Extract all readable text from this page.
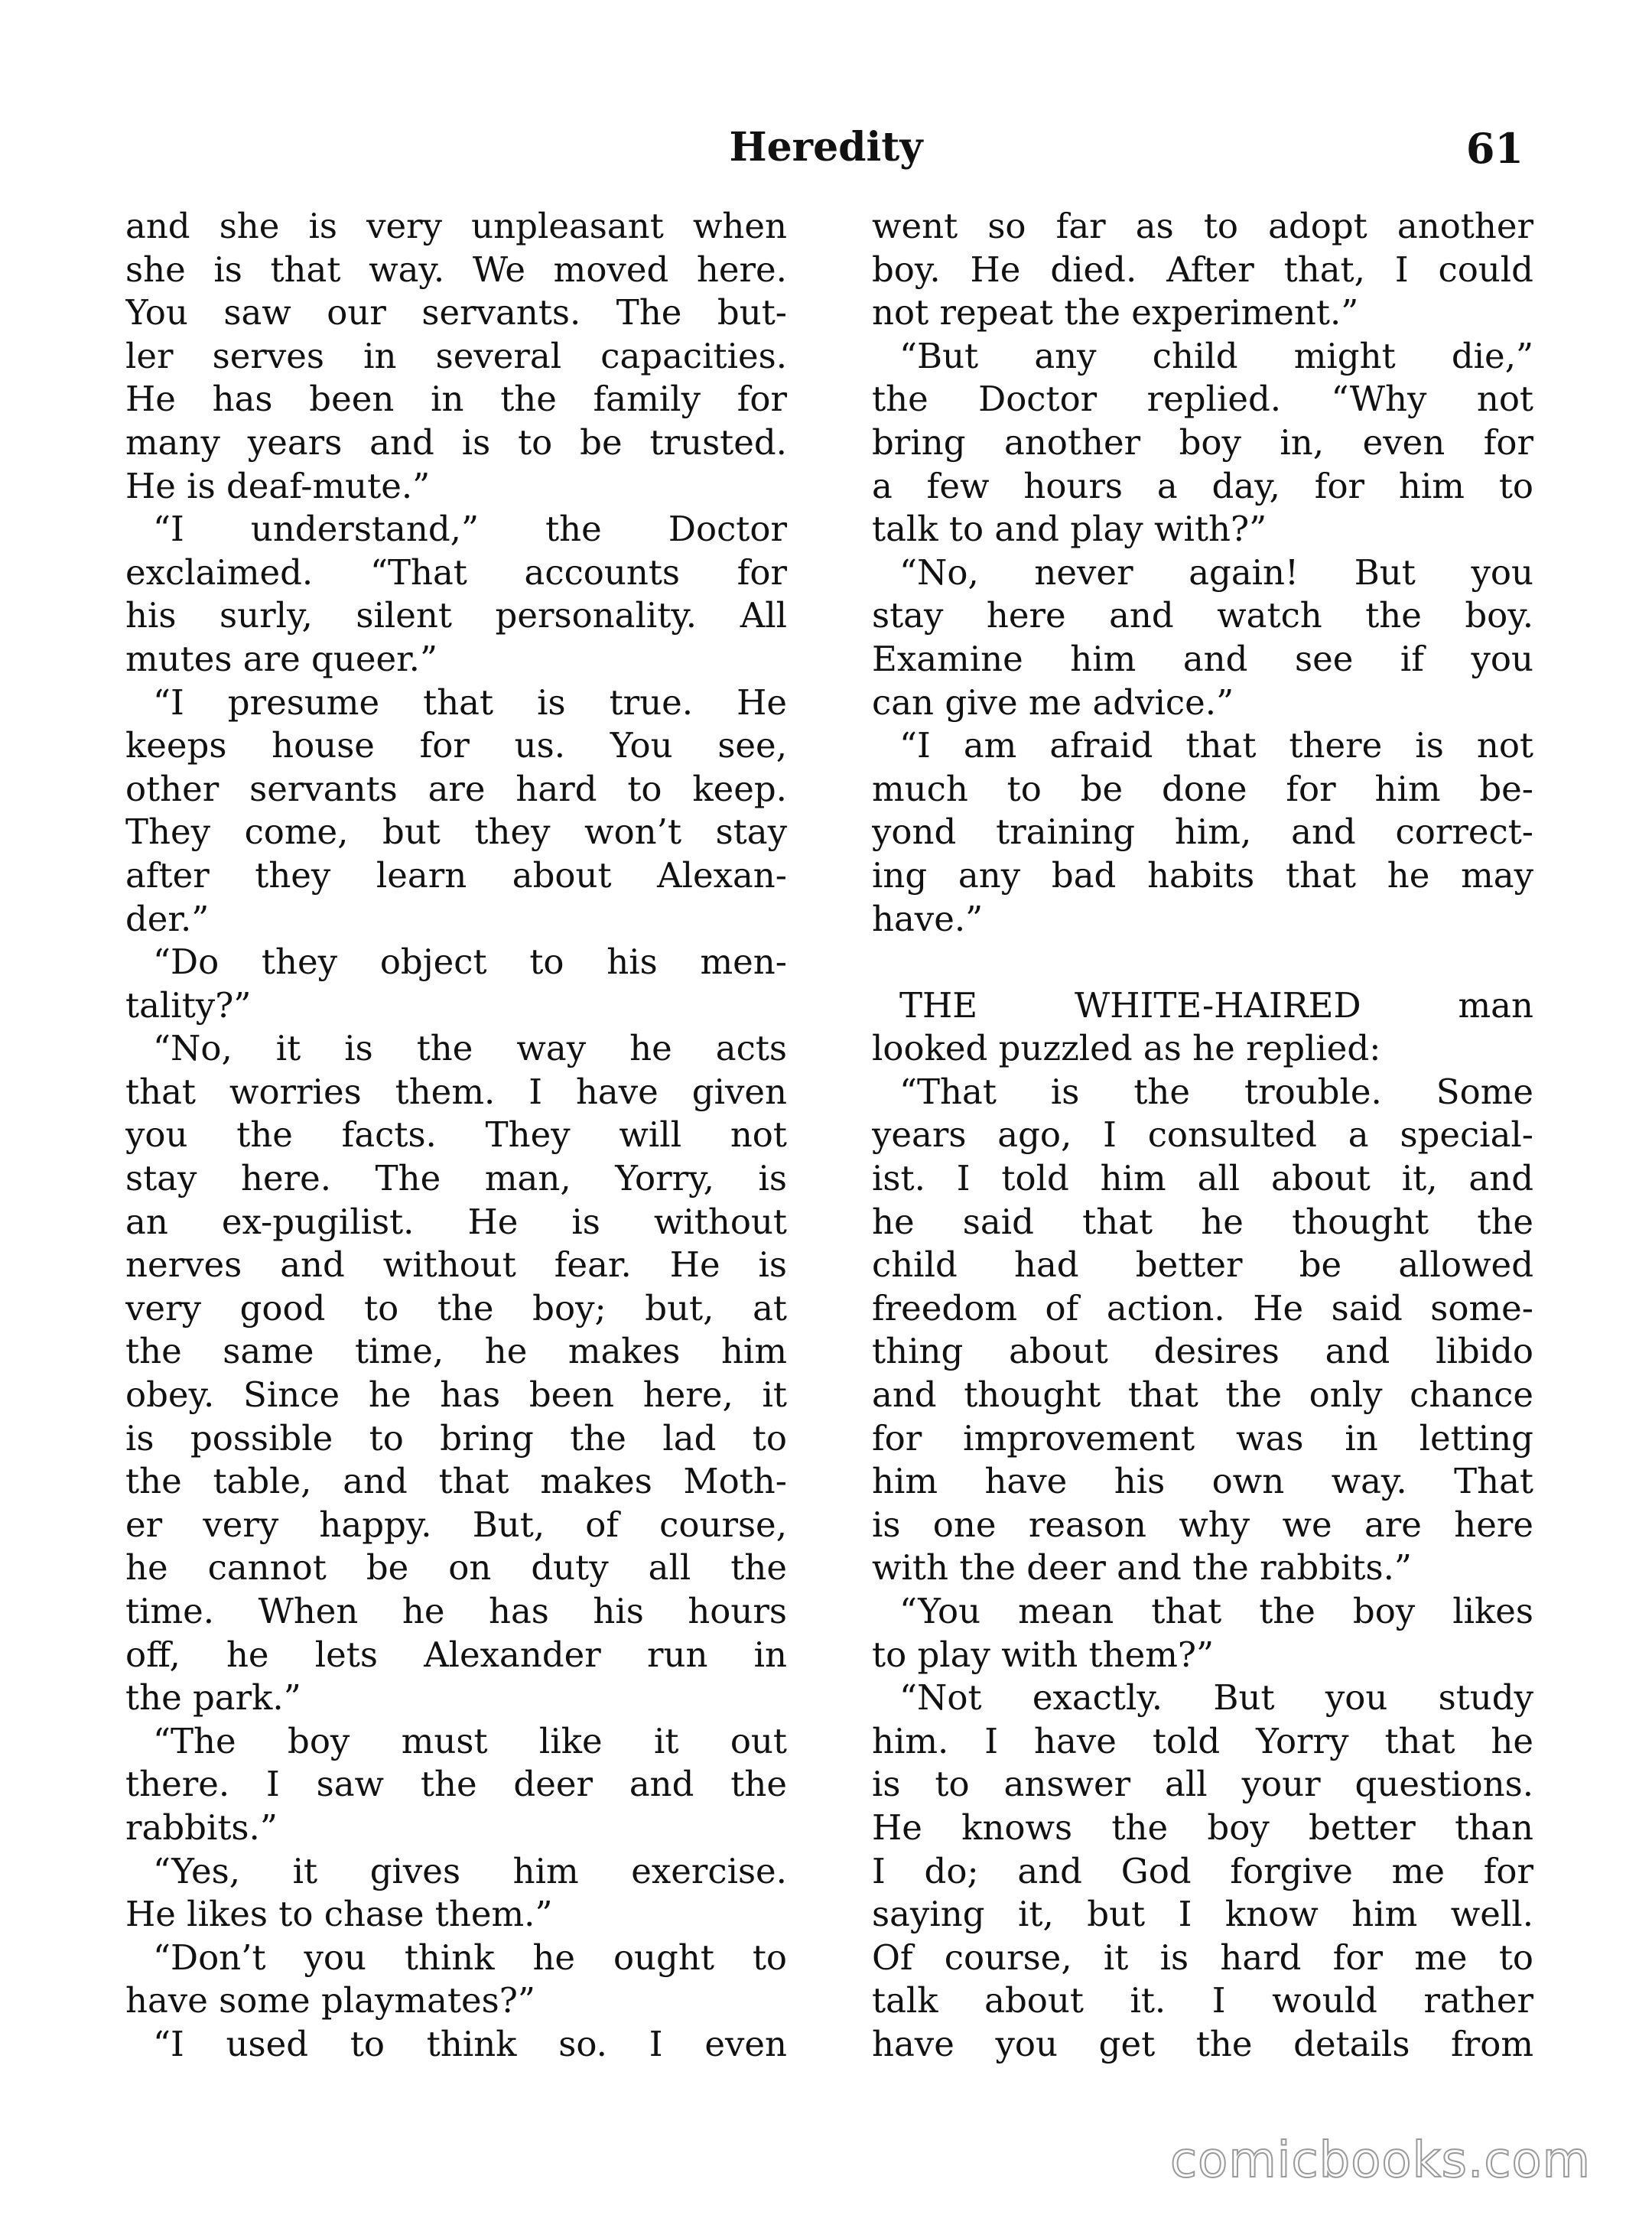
Heredity	61
and she is very unpleasant when
she is that way. We moved here.
You saw our servants. The but-
ler serves in several capacities.
He has been in the family for
many years and is to be trusted.
He is deaf-mute.”
“I understand,” the Doctor
exclaimed. “That accounts for
his surly, silent personality. All
mutes are queer.”
“I presume that is true. He
keeps house for us. You see,
other servants are hard to keep.
They come, but they won’t stay
after they learn about Alexan-
der.”
“Do they object to his men-
tality?”
“No, it is the way he acts
that worries them. I have given
you the facts. They will not
stay here. The man, Yorry, is
an ex-pugilist. He is without
nerves and without fear. He is
very good to the boy; but, at
the same time, he makes him
obey. Since he has been here, it
is possible to bring the lad to
the table, and that makes Moth-
er very happy. But, of course,
he cannot be on duty all the
time. When he has his hours
off, he lets Alexander run in
the park.”
“The boy must like it out
there. I saw the deer and the
rabbits.”
“Yes, it gives him exercise.
He likes to chase them.”
“Don’t you think he ought to
have some playmates?”
“I used to think so. I even
went so far as to adopt another
boy. He died. After that, I could
not repeat the experiment.”
“But any child might die,”
the Doctor replied. “Why not
bring another boy in, even for
a few hours a day, for him to
talk to and play with?”
“No, never again! But you
stay here and watch the boy.
Examine him and see if you
can give me advice.”
“I am afraid that there is not
much to be done for him be-
yond training him, and correct-
ing any bad habits that he may
have.”
THE WHITE-HAIRED man
looked puzzled as he replied:
“That is the trouble. Some
years ago, I consulted a special-
ist. I told him all about it, and
he said that he thought the
child had better be allowed
freedom of action. He said some-
thing about desires and libido
and thought that the only chance
for improvement was in letting
him have his own way. That
is one reason why we are here
with the deer and the rabbits.”
“You mean that the boy likes
to play with them?”
“Not exactly. But you study
him. I have told Yorry that he
is to answer all your questions.
He knows the boy better than
I do; and God forgive me for
saying it, but I know him well.
Of course, it is hard for me to
talk about it. I would rather
have you get the details from
comicbooks.com
